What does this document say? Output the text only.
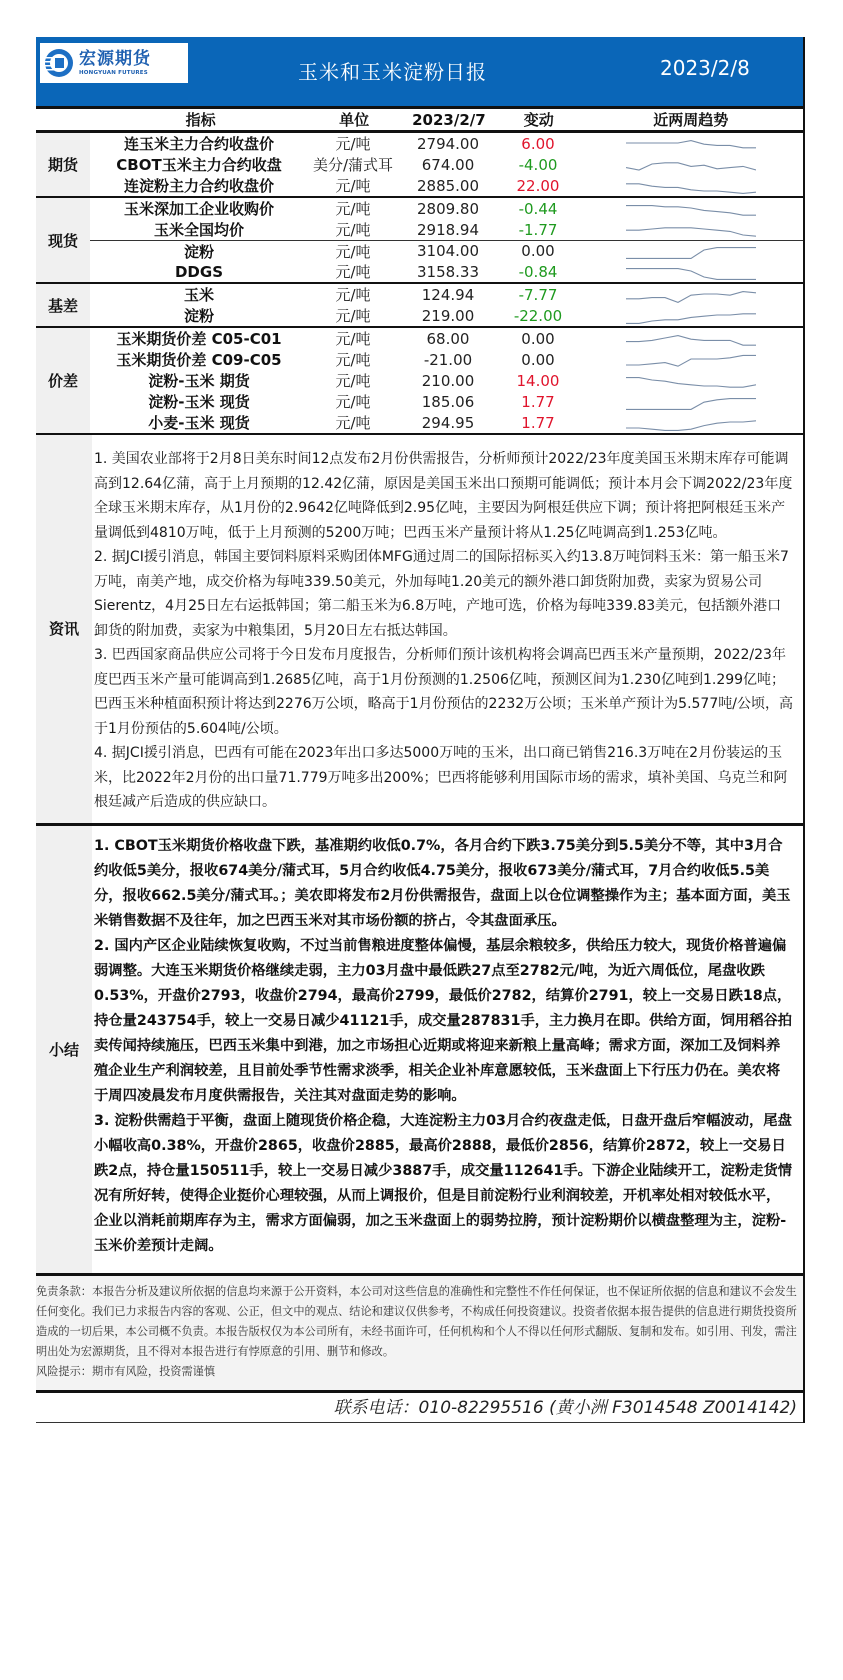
宏源期货
HONGYUAN FUTURES	玉米和玉米淀粉日报	2023/2/8
指标	单位	2023/2/7	变动	近两周趋势
期货
连玉米主力合约收盘价	元/吨	2794.00	6.00
CBOT玉米主力合约收盘	美分/蒲式耳	674.00	-4.00
连淀粉主力合约收盘价	元/吨	2885.00	22.00
现货
玉米深加工企业收购价	元/吨	2809.80	-0.44
玉米全国均价	元/吨	2918.94	-1.77
淀粉	元/吨	3104.00	0.00
DDGS	元/吨	3158.33	-0.84
基差
玉米	元/吨	124.94	-7.77
淀粉	元/吨	219.00	-22.00
价差
玉米期货价差 C05-C01	元/吨	68.00	0.00
玉米期货价差 C09-C05	元/吨	-21.00	0.00
淀粉-玉米 期货	元/吨	210.00	14.00
淀粉-玉米 现货	元/吨	185.06	1.77
小麦-玉米 现货	元/吨	294.95	1.77
资讯

1. 美国农业部将于2月8日美东时间12点发布2月份供需报告，分析师预计2022/23年度美国玉米期末库存可能调高到12.64亿蒲，高于上月预期的12.42亿蒲，原因是美国玉米出口预期可能调低；预计本月会下调2022/23年度全球玉米期末库存，从1月份的2.9642亿吨降低到2.95亿吨，主要因为阿根廷供应下调；预计将把阿根廷玉米产量调低到4810万吨，低于上月预测的5200万吨；巴西玉米产量预计将从1.25亿吨调高到1.253亿吨。

2. 据JCI援引消息，韩国主要饲料原料采购团体MFG通过周二的国际招标买入约13.8万吨饲料玉米：第一船玉米7万吨，南美产地，成交价格为每吨339.50美元，外加每吨1.20美元的额外港口卸货附加费，卖家为贸易公司Sierentz，4月25日左右运抵韩国；第二船玉米为6.8万吨，产地可选，价格为每吨339.83美元，包括额外港口卸货的附加费，卖家为中粮集团，5月20日左右抵达韩国。

3. 巴西国家商品供应公司将于今日发布月度报告，分析师们预计该机构将会调高巴西玉米产量预期，2022/23年度巴西玉米产量可能调高到1.2685亿吨，高于1月份预测的1.2506亿吨，预测区间为1.230亿吨到1.299亿吨；巴西玉米种植面积预计将达到2276万公顷，略高于1月份预估的2232万公顷；玉米单产预计为5.577吨/公顷，高于1月份预估的5.604吨/公顷。

4. 据JCI援引消息，巴西有可能在2023年出口多达5000万吨的玉米，出口商已销售216.3万吨在2月份装运的玉米，比2022年2月份的出口量71.779万吨多出200%；巴西将能够利用国际市场的需求，填补美国、乌克兰和阿根廷减产后造成的供应缺口。

小结

1. CBOT玉米期货价格收盘下跌，基准期约收低0.7%，各月合约下跌3.75美分到5.5美分不等，其中3月合约收低5美分，报收674美分/蒲式耳，5月合约收低4.75美分，报收673美分/蒲式耳，7月合约收低5.5美分，报收662.5美分/蒲式耳。；美农即将发布2月份供需报告，盘面上以仓位调整操作为主；基本面方面，美玉米销售数据不及往年，加之巴西玉米对其市场份额的挤占，令其盘面承压。

2. 国内产区企业陆续恢复收购，不过当前售粮进度整体偏慢，基层余粮较多，供给压力较大，现货价格普遍偏弱调整。大连玉米期货价格继续走弱，主力03月盘中最低跌27点至2782元/吨，为近六周低位，尾盘收跌0.53%，开盘价2793，收盘价2794，最高价2799，最低价2782，结算价2791，较上一交易日跌18点，持仓量243754手，较上一交易日减少41121手，成交量287831手，主力换月在即。供给方面，饲用稻谷拍卖传闻持续施压，巴西玉米集中到港，加之市场担心近期或将迎来新粮上量高峰；需求方面，深加工及饲料养殖企业生产利润较差，且目前处季节性需求淡季，相关企业补库意愿较低，玉米盘面上下行压力仍在。美农将于周四凌晨发布月度供需报告，关注其对盘面走势的影响。

3. 淀粉供需趋于平衡，盘面上随现货价格企稳，大连淀粉主力03月合约夜盘走低，日盘开盘后窄幅波动，尾盘小幅收高0.38%，开盘价2865，收盘价2885，最高价2888，最低价2856，结算价2872，较上一交易日跌2点，持仓量150511手，较上一交易日减少3887手，成交量112641手。下游企业陆续开工，淀粉走货情况有所好转，使得企业挺价心理较强，从而上调报价，但是目前淀粉行业利润较差，开机率处相对较低水平，企业以消耗前期库存为主，需求方面偏弱，加之玉米盘面上的弱势拉胯，预计淀粉期价以横盘整理为主，淀粉-玉米价差预计走阔。

免责条款：本报告分析及建议所依据的信息均来源于公开资料，本公司对这些信息的准确性和完整性不作任何保证，也不保证所依据的信息和建议不会发生任何变化。我们已力求报告内容的客观、公正，但文中的观点、结论和建议仅供参考，不构成任何投资建议。投资者依据本报告提供的信息进行期货投资所造成的一切后果，本公司概不负责。本报告版权仅为本公司所有，未经书面许可，任何机构和个人不得以任何形式翻版、复制和发布。如引用、刊发，需注明出处为宏源期货，且不得对本报告进行有悖原意的引用、删节和修改。

风险提示：期市有风险，投资需谨慎

联系电话：010-82295516 (黄小洲 F3014548 Z0014142)
